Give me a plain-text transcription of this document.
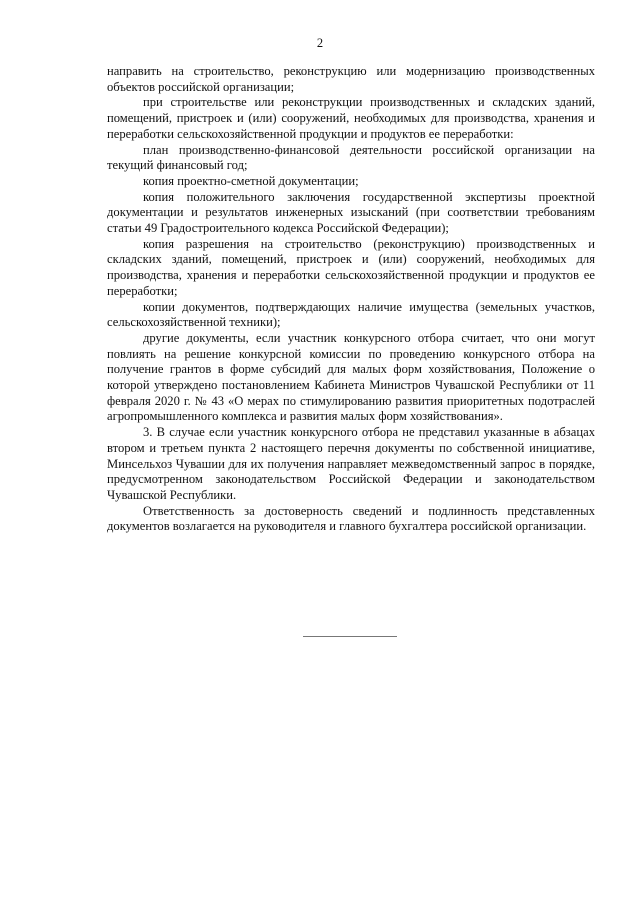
2

направить на строительство, реконструкцию или модернизацию производственных объектов российской организации;

при строительстве или реконструкции производственных и складских зданий, помещений, пристроек и (или) сооружений, необходимых для производства, хранения и переработки сельскохозяйственной продукции и продуктов ее переработки:

план производственно-финансовой деятельности российской организации на текущий финансовый год;

копия проектно-сметной документации;

копия положительного заключения государственной экспертизы проектной документации и результатов инженерных изысканий (при соответствии требованиям статьи 49 Градостроительного кодекса Российской Федерации);

копия разрешения на строительство (реконструкцию) производственных и складских зданий, помещений, пристроек и (или) сооружений, необходимых для производства, хранения и переработки сельскохозяйственной продукции и продуктов ее переработки;

копии документов, подтверждающих наличие имущества (земельных участков, сельскохозяйственной техники);

другие документы, если участник конкурсного отбора считает, что они могут повлиять на решение конкурсной комиссии по проведению конкурсного отбора на получение грантов в форме субсидий для малых форм хозяйствования, Положение о которой утверждено постановлением Кабинета Министров Чувашской Республики от 11 февраля 2020 г. № 43 «О мерах по стимулированию развития приоритетных подотраслей агропромышленного комплекса и развития малых форм хозяйствования».

3. В случае если участник конкурсного отбора не представил указанные в абзацах втором и третьем пункта 2 настоящего перечня документы по собственной инициативе, Минсельхоз Чувашии для их получения направляет межведомственный запрос в порядке, предусмотренном законодательством Российской Федерации и законодательством Чувашской Республики.

Ответственность за достоверность сведений и подлинность представленных документов возлагается на руководителя и главного бухгалтера российской организации.
